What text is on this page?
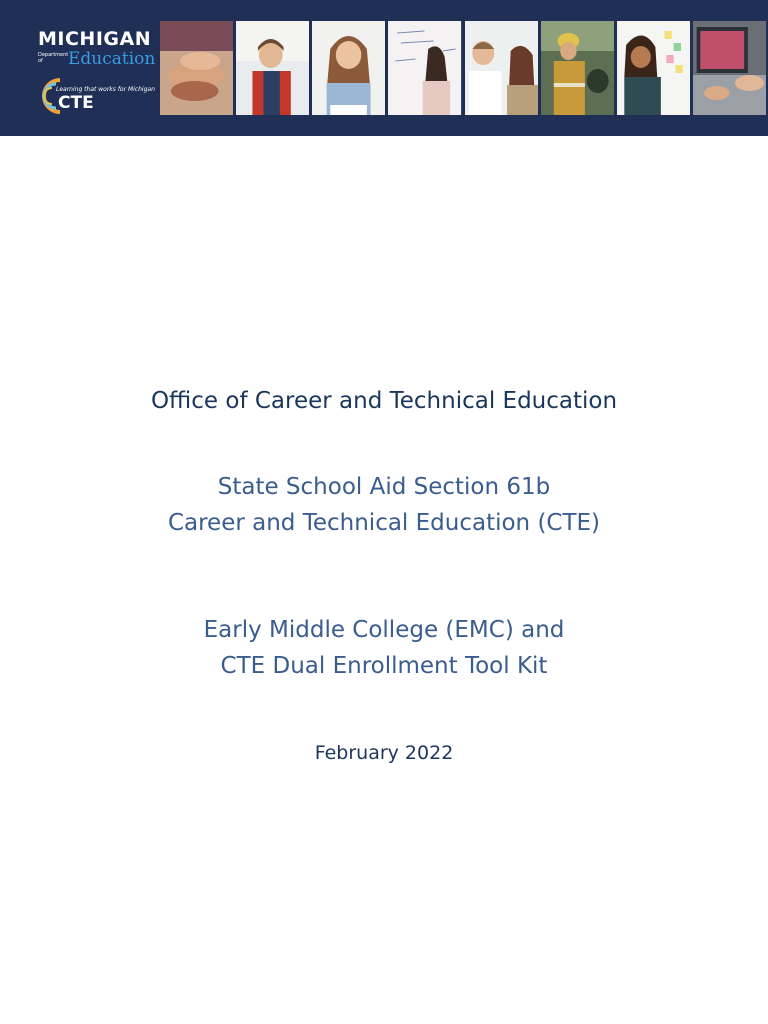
MICHIGAN
Department of	Education
Learning that works for Michigan
CTE
Office of Career and Technical Education
State School Aid Section 61b
Career and Technical Education (CTE)
Early Middle College (EMC) and
CTE Dual Enrollment Tool Kit
February 2022
